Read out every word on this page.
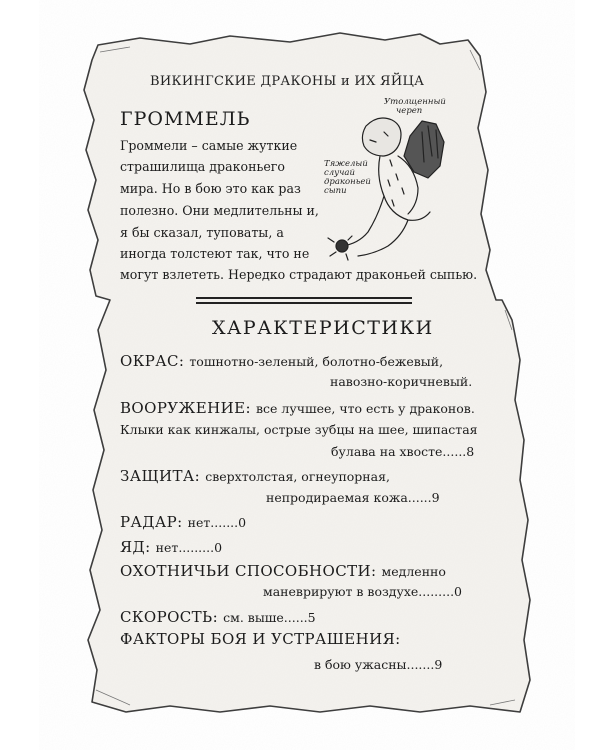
ВИКИНГСКИЕ ДРАКОНЫ и ИХ ЯЙЦА
ГРОММЕЛЬ
Громмели – самые жуткие
страшилища драконьего
мира. Но в бою это как раз
полезно. Они медлительны и,
я бы сказал, туповаты, а
иногда толстеют так, что не
могут взлететь. Нередко страдают драконьей сыпью.
Утолщенный
череп
Тяжелый
случай
драконьей
сыпи
ХАРАКТЕРИСТИКИ
ОКРАС: тошнотно-зеленый, болотно-бежевый,
навозно-коричневый.
ВООРУЖЕНИЕ: все лучшее, что есть у драконов.
Клыки как кинжалы, острые зубцы на шее, шипастая
булава на хвосте......8
ЗАЩИТА: сверхтолстая, огнеупорная,
непродираемая кожа......9
РАДАР: нет.......0
ЯД: нет.........0
ОХОТНИЧЬИ СПОСОБНОСТИ: медленно
маневрируют в воздухе.........0
СКОРОСТЬ: см. выше......5
ФАКТОРЫ БОЯ И УСТРАШЕНИЯ:
в бою ужасны.......9
